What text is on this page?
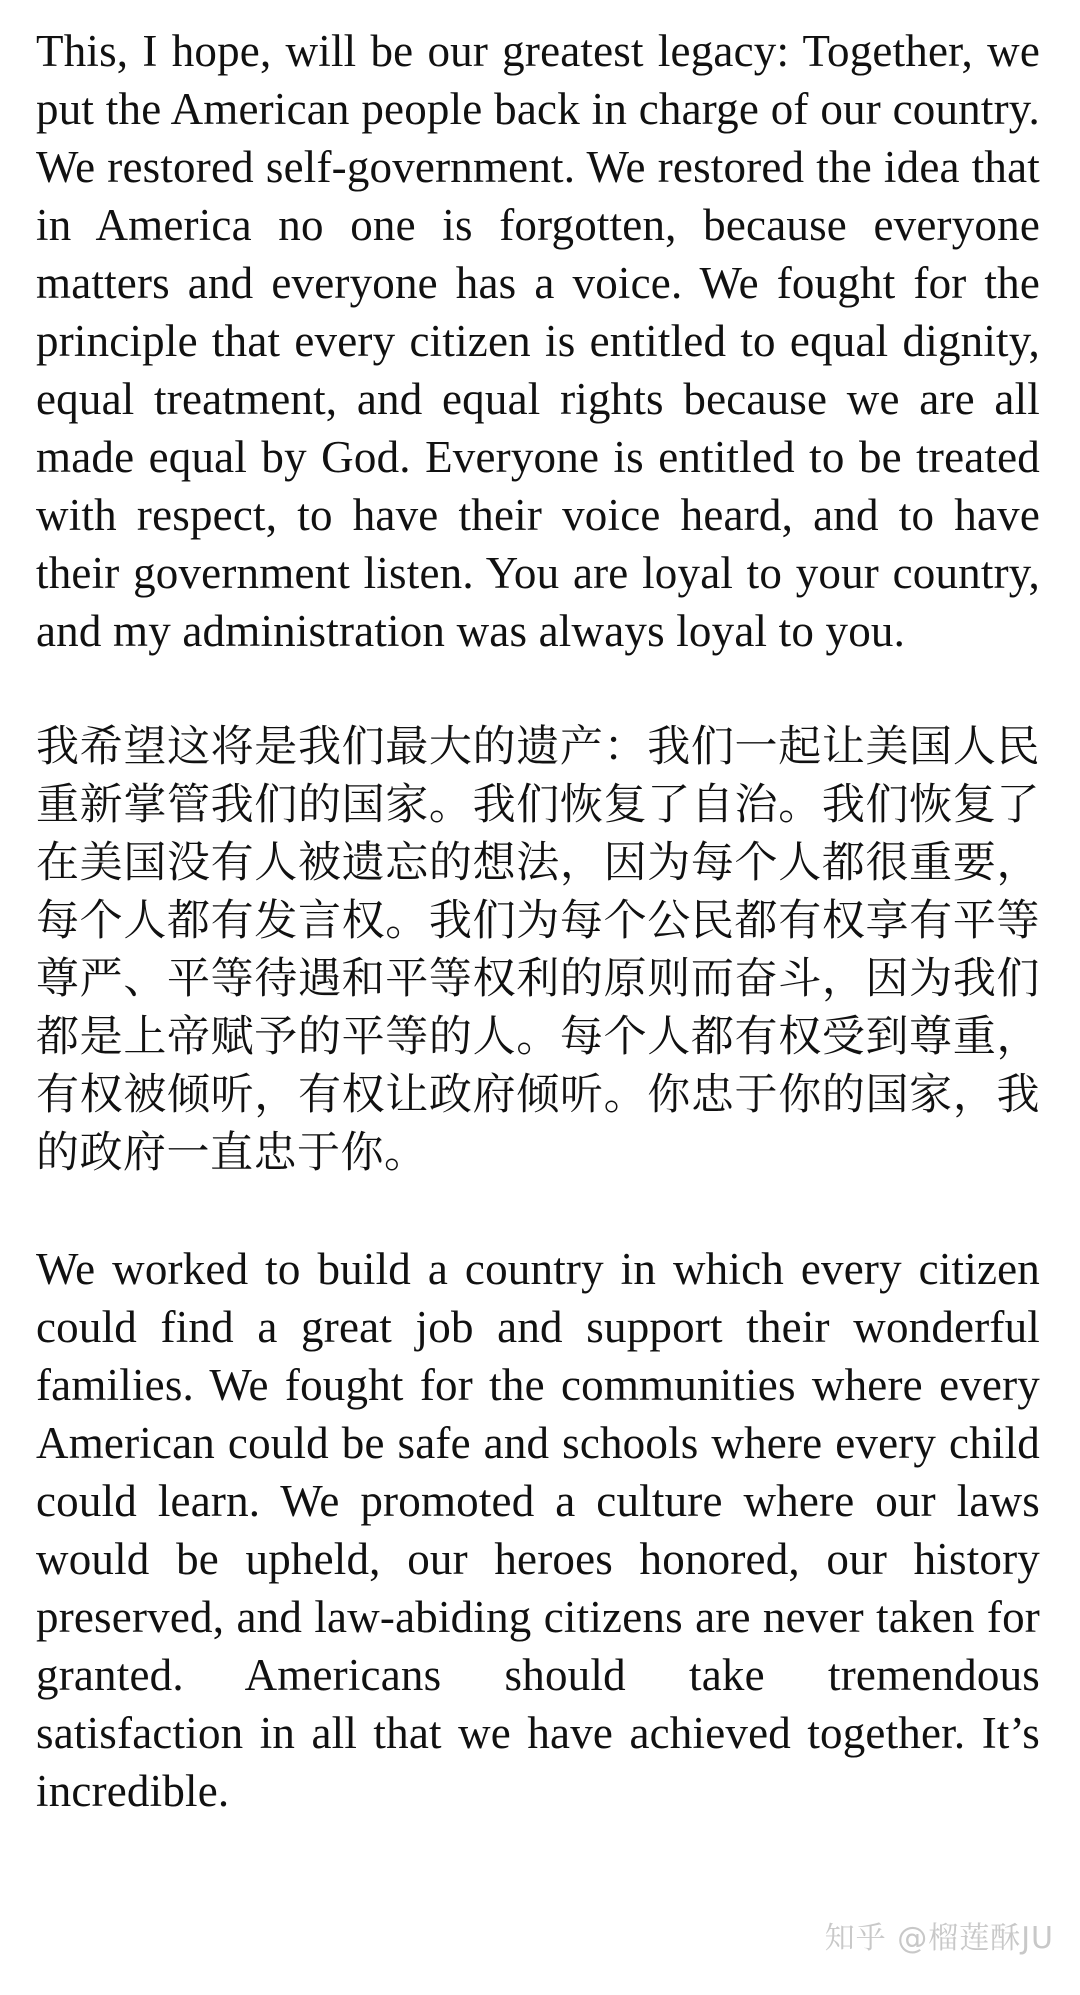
This, I hope, will be our greatest legacy: Together, we put the American people back in charge of our country. We restored self-government. We restored the idea that in America no one is forgotten, because everyone matters and everyone has a voice. We fought for the principle that every citizen is entitled to equal dignity, equal treatment, and equal rights because we are all made equal by God. Everyone is entitled to be treated with respect, to have their voice heard, and to have their government listen. You are loyal to your country, and my administration was always loyal to you.

我希望这将是我们最大的遗产：我们一起让美国人民重新掌管我们的国家。我们恢复了自治。我们恢复了在美国没有人被遗忘的想法，因为每个人都很重要，每个人都有发言权。我们为每个公民都有权享有平等尊严、平等待遇和平等权利的原则而奋斗，因为我们都是上帝赋予的平等的人。每个人都有权受到尊重，有权被倾听，有权让政府倾听。你忠于你的国家，我的政府一直忠于你。

We worked to build a country in which every citizen could find a great job and support their wonderful families. We fought for the communities where every American could be safe and schools where every child could learn. We promoted a culture where our laws would be upheld, our heroes honored, our history preserved, and law-abiding citizens are never taken for granted. Americans should take tremendous satisfaction in all that we have achieved together. It’s incredible.

知乎 @榴莲酥JU
